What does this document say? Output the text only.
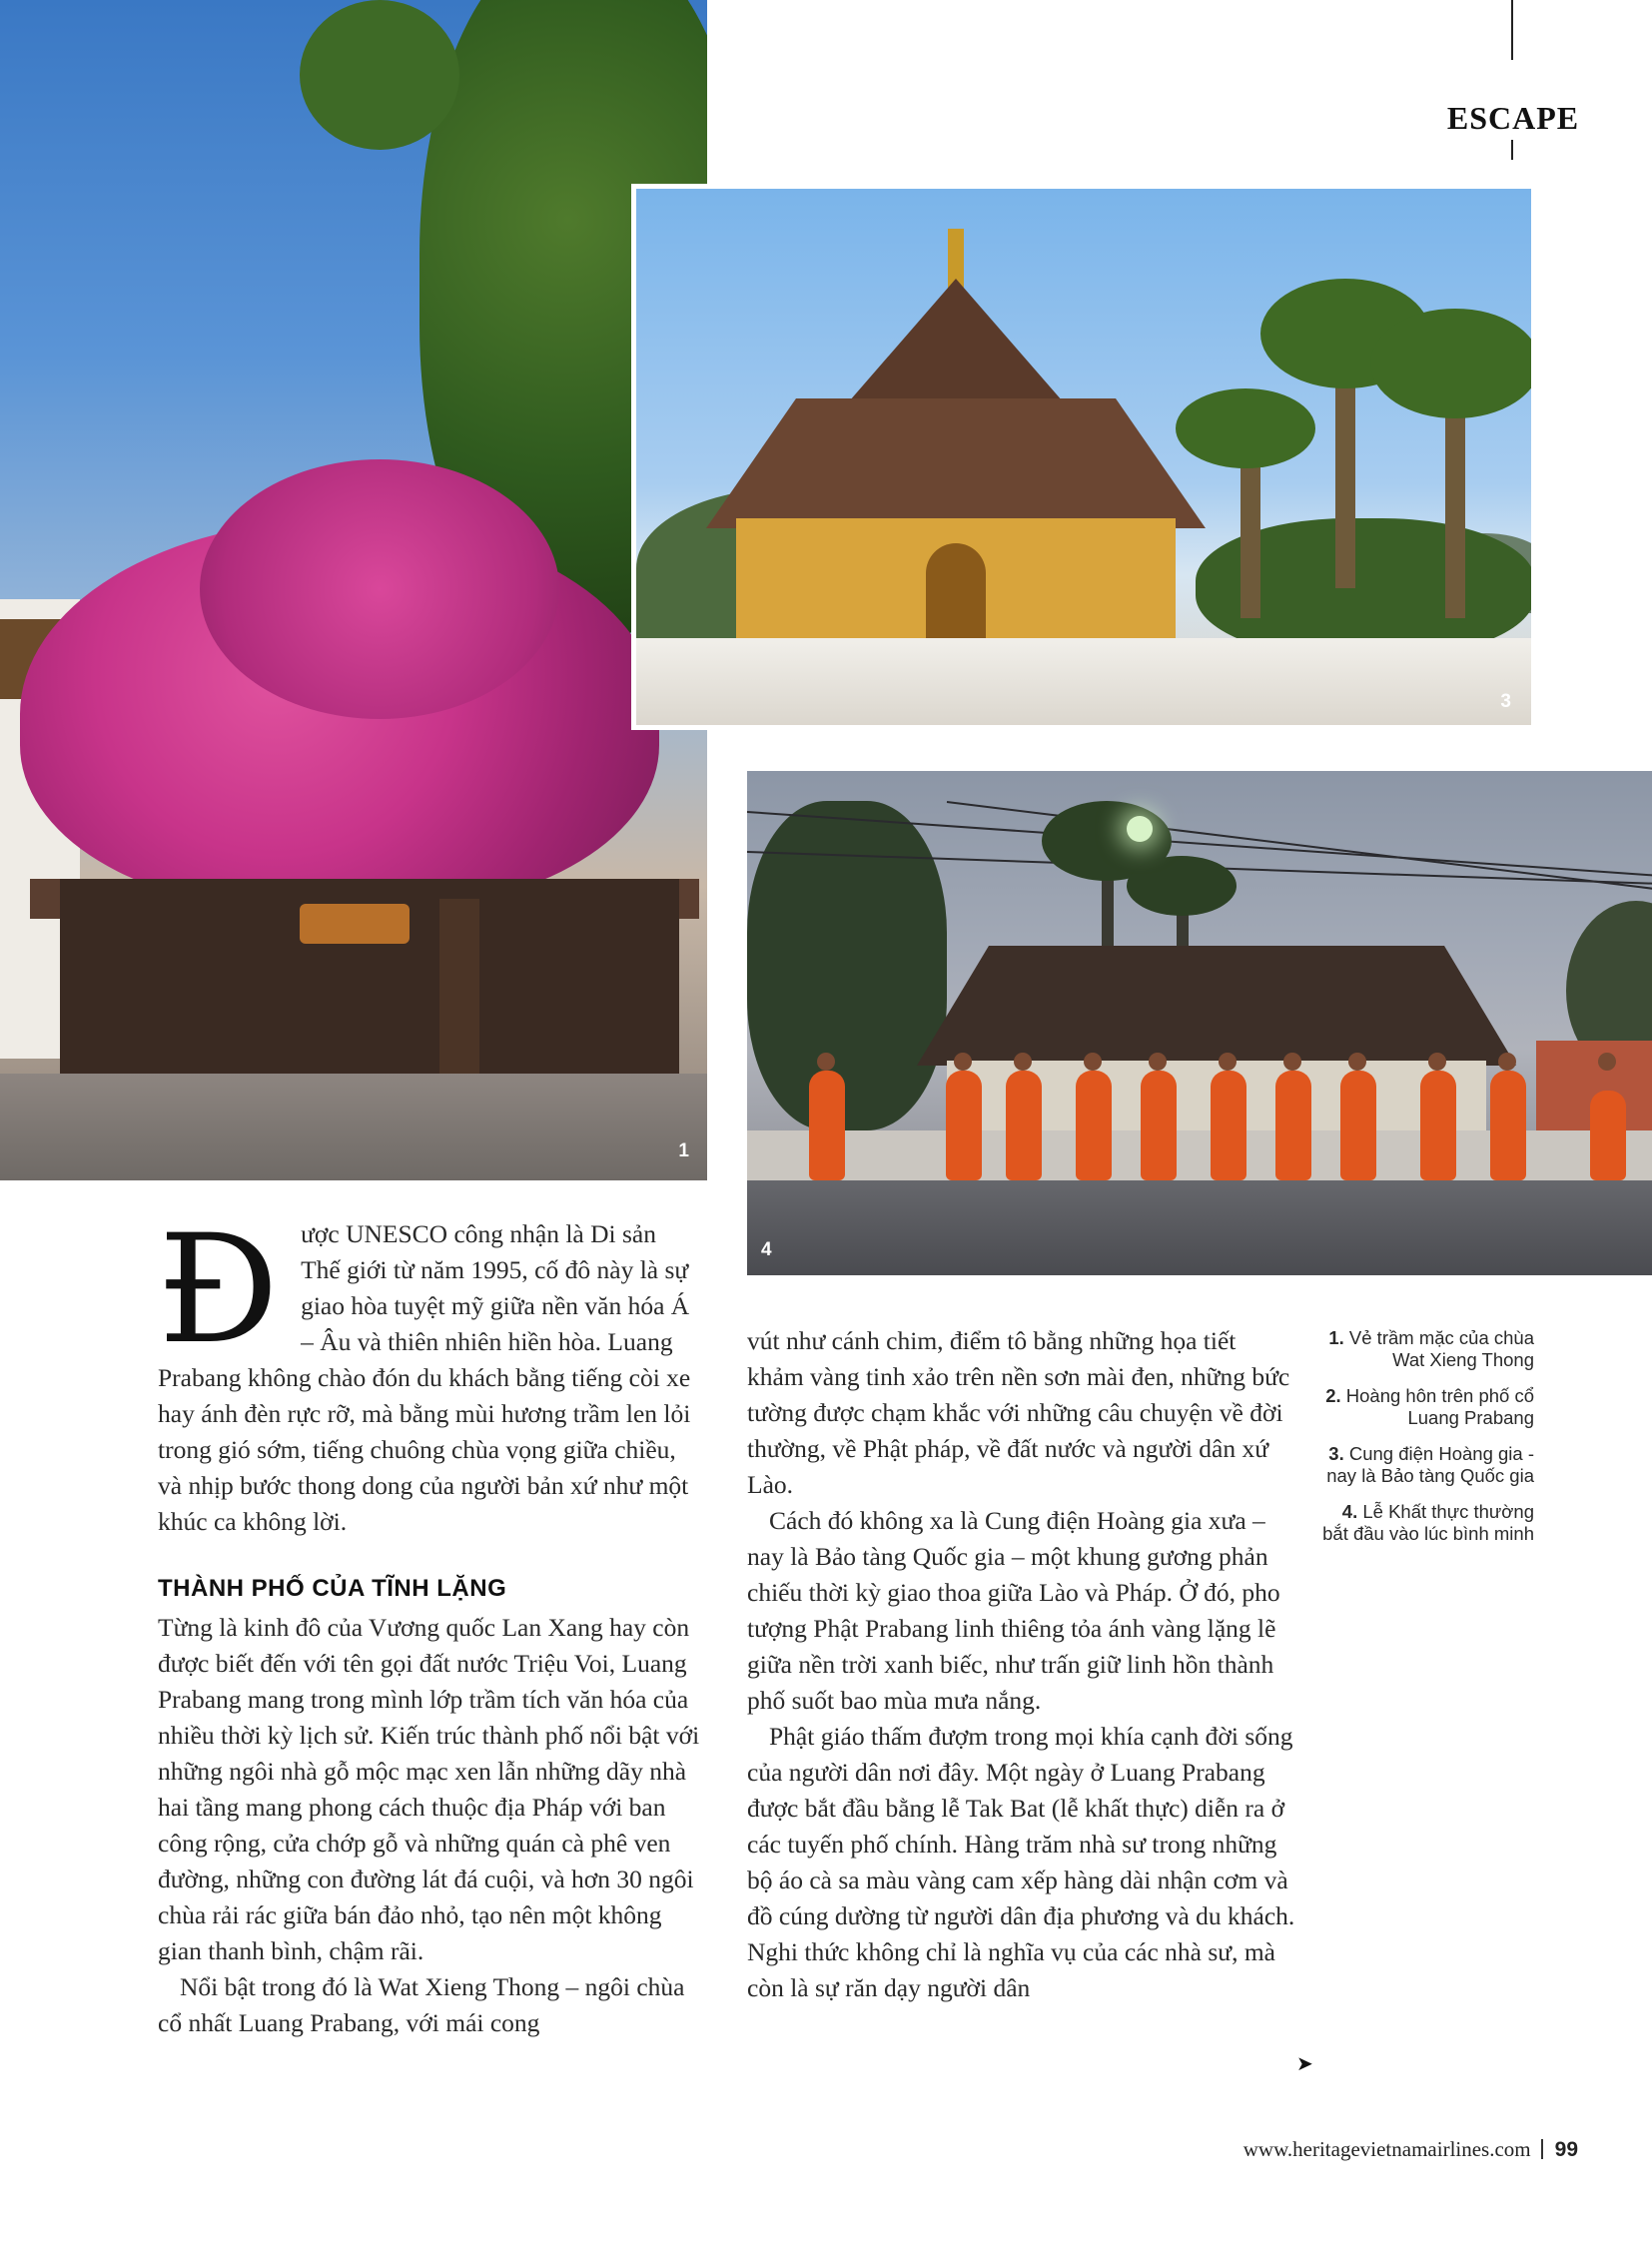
ESCAPE
1
3
4
Đ ược UNESCO công nhận là Di sản Thế giới từ năm 1995, cố đô này là sự giao hòa tuyệt mỹ giữa nền văn hóa Á – Âu và thiên nhiên hiền hòa. Luang Prabang không chào đón du khách bằng tiếng còi xe hay ánh đèn rực rỡ, mà bằng mùi hương trầm len lỏi trong gió sớm, tiếng chuông chùa vọng giữa chiều, và nhịp bước thong dong của người bản xứ như một khúc ca không lời.
THÀNH PHỐ CỦA TĨNH LẶNG

Từng là kinh đô của Vương quốc Lan Xang hay còn được biết đến với tên gọi đất nước Triệu Voi, Luang Prabang mang trong mình lớp trầm tích văn hóa của nhiều thời kỳ lịch sử. Kiến trúc thành phố nổi bật với những ngôi nhà gỗ mộc mạc xen lẫn những dãy nhà hai tầng mang phong cách thuộc địa Pháp với ban công rộng, cửa chớp gỗ và những quán cà phê ven đường, những con đường lát đá cuội, và hơn 30 ngôi chùa rải rác giữa bán đảo nhỏ, tạo nên một không gian thanh bình, chậm rãi.

Nổi bật trong đó là Wat Xieng Thong – ngôi chùa cổ nhất Luang Prabang, với mái cong

vút như cánh chim, điểm tô bằng những họa tiết khảm vàng tinh xảo trên nền sơn mài đen, những bức tường được chạm khắc với những câu chuyện về đời thường, về Phật pháp, về đất nước và người dân xứ Lào.

Cách đó không xa là Cung điện Hoàng gia xưa – nay là Bảo tàng Quốc gia – một khung gương phản chiếu thời kỳ giao thoa giữa Lào và Pháp. Ở đó, pho tượng Phật Prabang linh thiêng tỏa ánh vàng lặng lẽ giữa nền trời xanh biếc, như trấn giữ linh hồn thành phố suốt bao mùa mưa nắng.

Phật giáo thấm đượm trong mọi khía cạnh đời sống của người dân nơi đây. Một ngày ở Luang Prabang được bắt đầu bằng lễ Tak Bat (lễ khất thực) diễn ra ở các tuyến phố chính. Hàng trăm nhà sư trong những bộ áo cà sa màu vàng cam xếp hàng dài nhận cơm và đồ cúng dường từ người dân địa phương và du khách. Nghi thức không chỉ là nghĩa vụ của các nhà sư, mà còn là sự răn dạy người dân

1. Vẻ trầm mặc của chùa Wat Xieng Thong
2. Hoàng hôn trên phố cổ Luang Prabang
3. Cung điện Hoàng gia - nay là Bảo tàng Quốc gia
4. Lễ Khất thực thường bắt đầu vào lúc bình minh
➤
www.heritagevietnamairlines.com 99
